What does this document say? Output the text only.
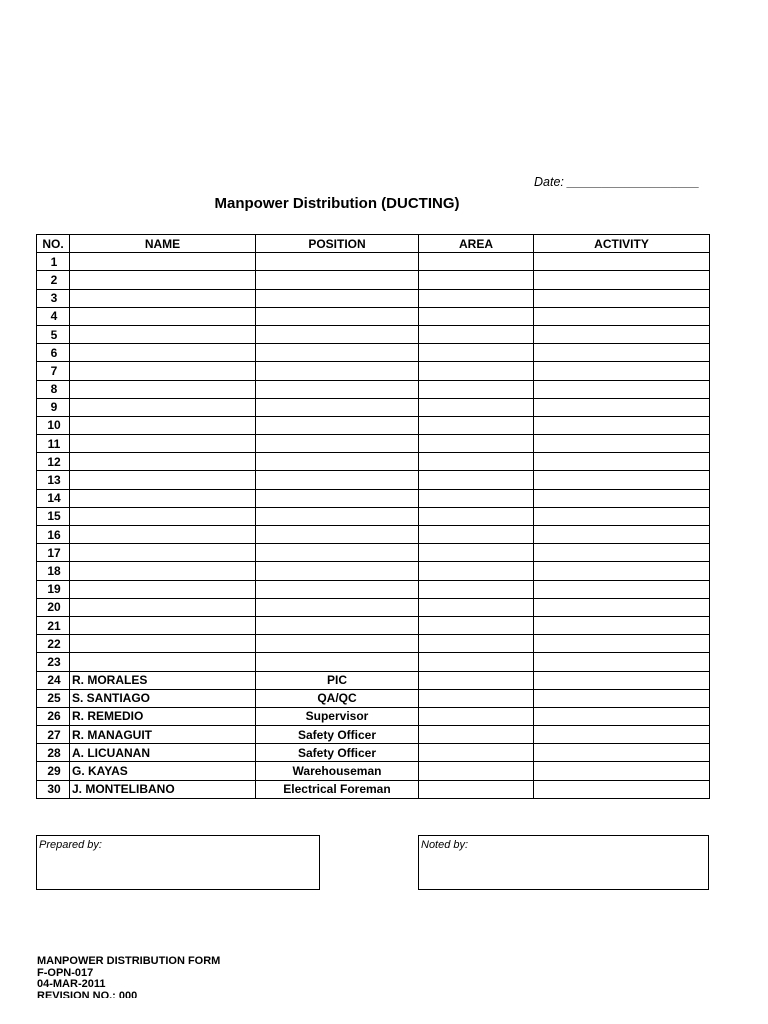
Date: ___________________
Manpower Distribution (DUCTING)
NO.	NAME	POSITION	AREA	ACTIVITY
1				
2				
3				
4				
5				
6				
7				
8				
9				
10				
11				
12				
13				
14				
15				
16				
17				
18				
19				
20				
21				
22				
23				
24	R. MORALES	PIC		
25	S. SANTIAGO	QA/QC		
26	R. REMEDIO	Supervisor		
27	R. MANAGUIT	Safety Officer		
28	A. LICUANAN	Safety Officer		
29	G. KAYAS	Warehouseman		
30	J. MONTELIBANO	Electrical Foreman		
Prepared by:	Noted by:
MANPOWER DISTRIBUTION FORM
F-OPN-017
04-MAR-2011
REVISION NO.: 000
